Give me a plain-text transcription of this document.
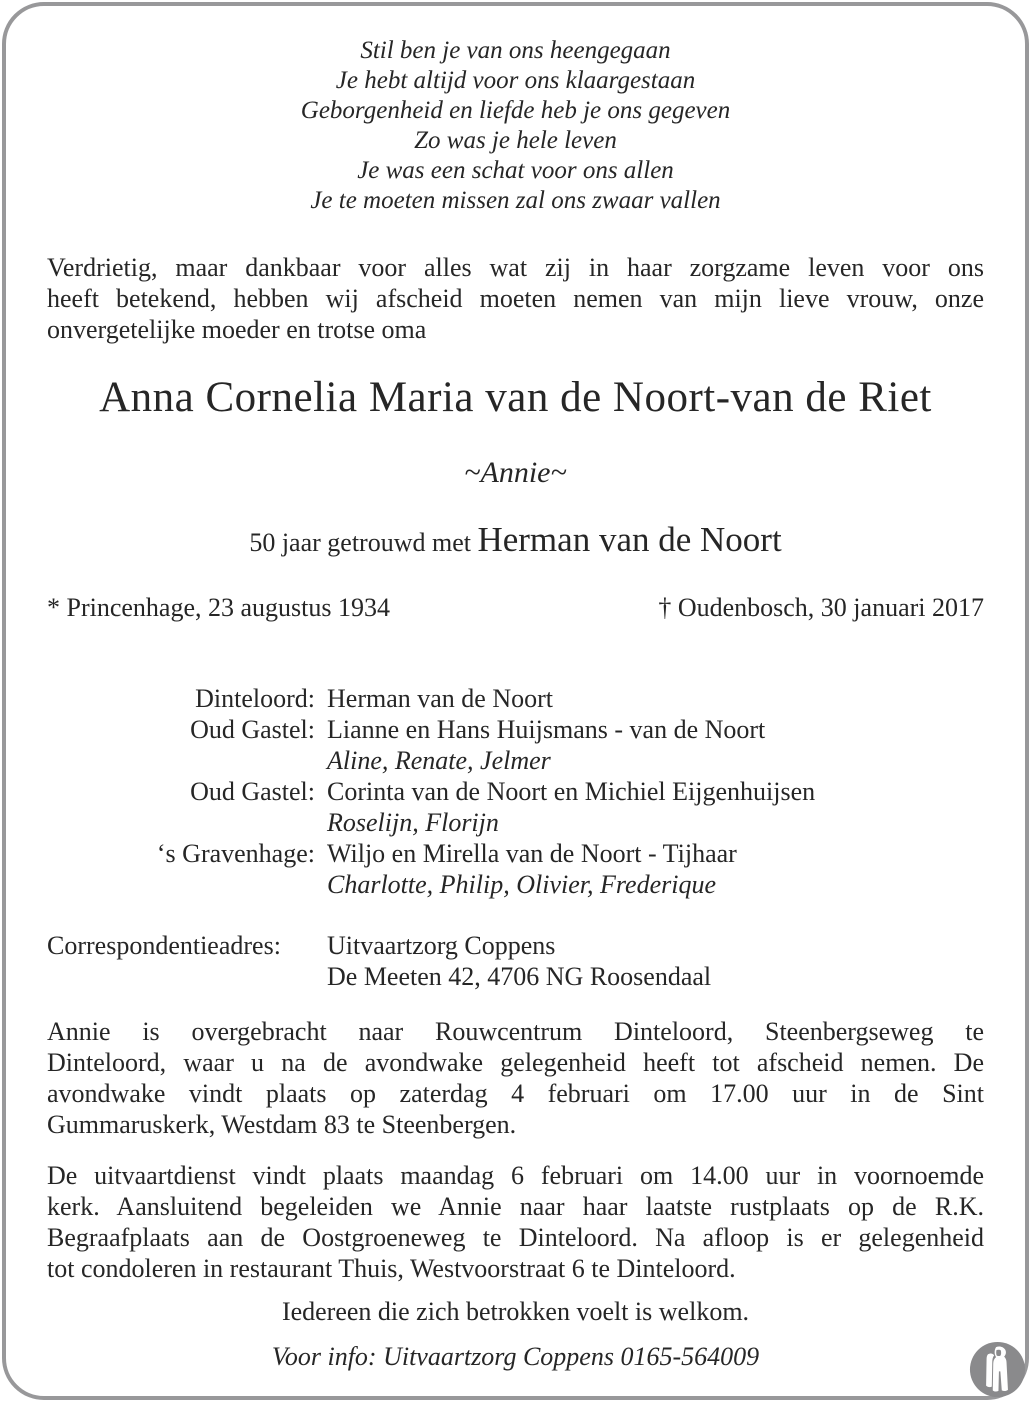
Stil ben je van ons heengegaan
Je hebt altijd voor ons klaargestaan
Geborgenheid en liefde heb je ons gegeven
Zo was je hele leven
Je was een schat voor ons allen
Je te moeten missen zal ons zwaar vallen
Verdrietig, maar dankbaar voor alles wat zij in haar zorgzame leven voor ons
heeft betekend, hebben wij afscheid moeten nemen van mijn lieve vrouw, onze
onvergetelijke moeder en trotse oma
Anna Cornelia Maria van de Noort-van de Riet
~Annie~
50 jaar getrouwd met Herman van de Noort
* Princenhage, 23 augustus 1934	† Oudenbosch, 30 januari 2017
Dinteloord: Herman van de Noort
Oud Gastel: Lianne en Hans Huijsmans - van de Noort
Aline, Renate, Jelmer
Oud Gastel: Corinta van de Noort en Michiel Eijgenhuijsen
Roselijn, Florijn
‘s Gravenhage: Wiljo en Mirella van de Noort - Tijhaar
Charlotte, Philip, Olivier, Frederique
Correspondentieadres:	Uitvaartzorg Coppens
De Meeten 42, 4706 NG Roosendaal
Annie is overgebracht naar Rouwcentrum Dinteloord, Steenbergseweg te
Dinteloord, waar u na de avondwake gelegenheid heeft tot afscheid nemen. De
avondwake vindt plaats op zaterdag 4 februari om 17.00 uur in de Sint
Gummaruskerk, Westdam 83 te Steenbergen.
De uitvaartdienst vindt plaats maandag 6 februari om 14.00 uur in voornoemde
kerk. Aansluitend begeleiden we Annie naar haar laatste rustplaats op de R.K.
Begraafplaats aan de Oostgroeneweg te Dinteloord. Na afloop is er gelegenheid
tot condoleren in restaurant Thuis, Westvoorstraat 6 te Dinteloord.
Iedereen die zich betrokken voelt is welkom.
Voor info: Uitvaartzorg Coppens 0165-564009
